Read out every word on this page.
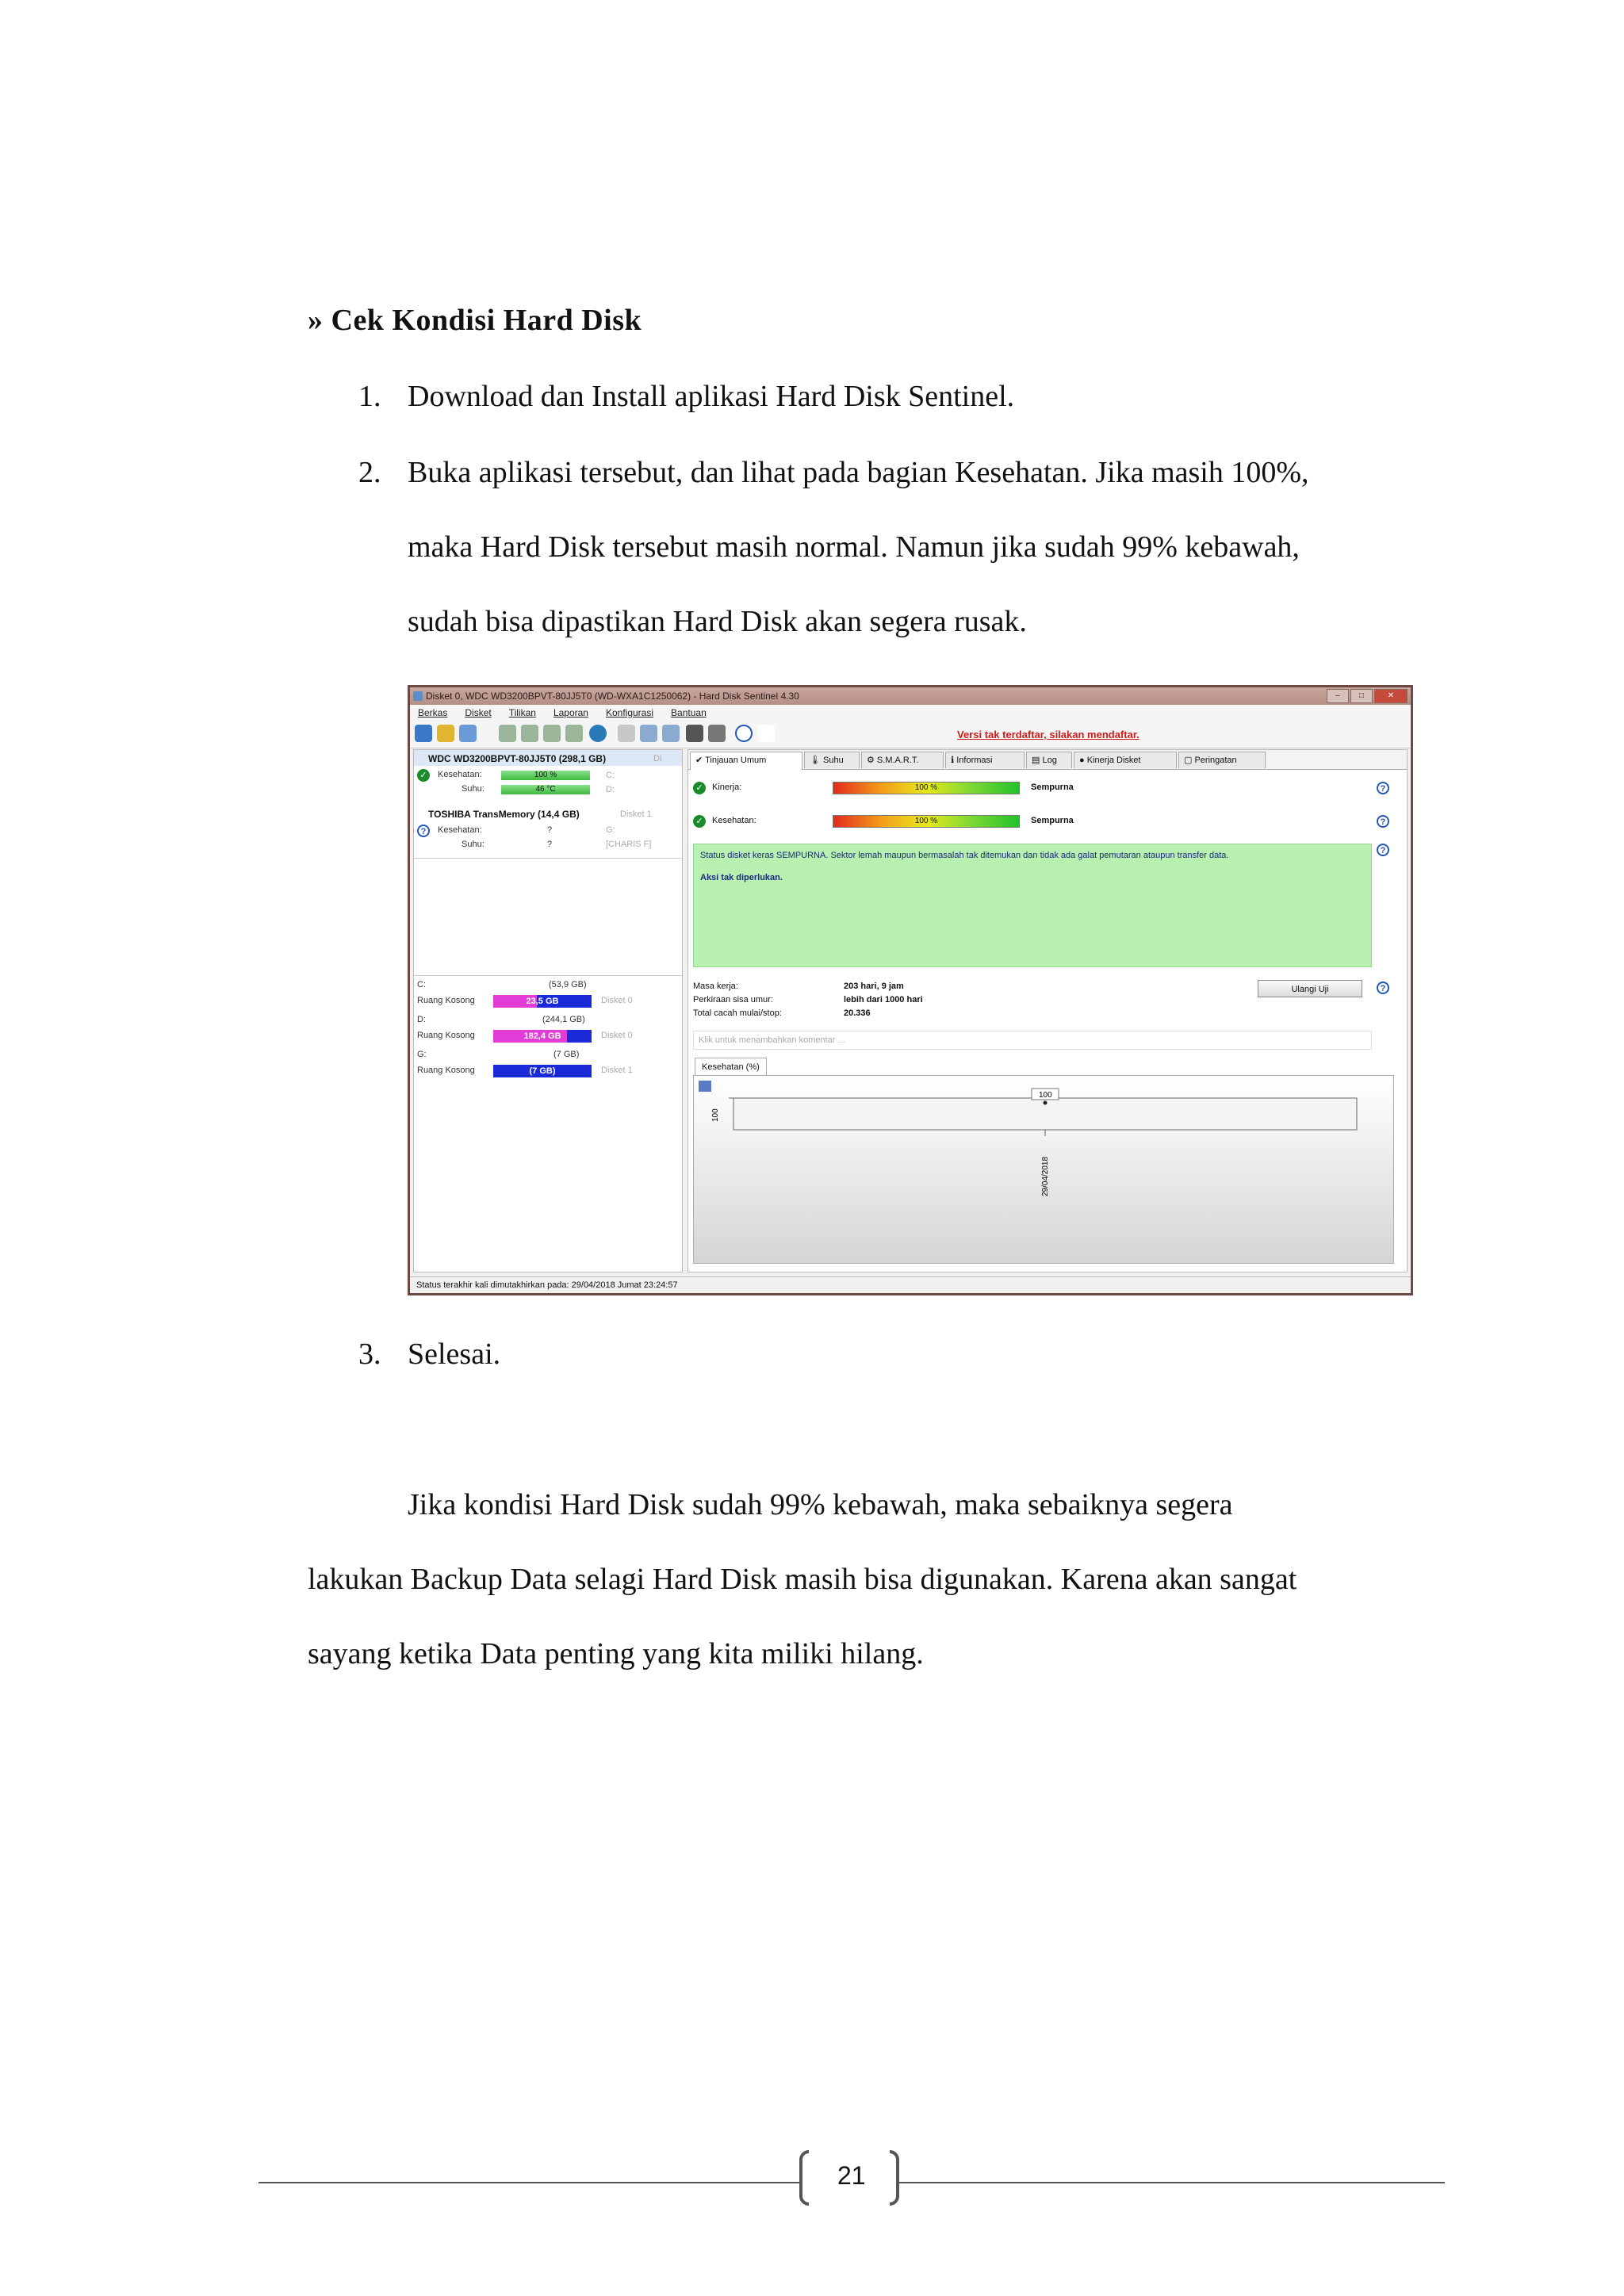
» Cek Kondisi Hard Disk
1. Download dan Install aplikasi Hard Disk Sentinel.
2. Buka aplikasi tersebut, dan lihat pada bagian Kesehatan. Jika masih 100%,
maka Hard Disk tersebut masih normal. Namun jika sudah 99% kebawah,
sudah bisa dipastikan Hard Disk akan segera rusak.
Disket 0, WDC WD3200BPVT-80JJ5T0 (WD-WXA1C1250062) - Hard Disk Sentinel 4.30	–	□	✕
Berkas Disket Tilikan Laporan Konfigurasi Bantuan
Versi tak terdaftar, silakan mendaftar.
WDC WD3200BPVT-80JJ5T0 (298,1 GB)	Di
✓	Kesehatan:	100 %	C:
Suhu:	46 °C	D:
TOSHIBA TransMemory (14,4 GB)	Disket 1
?	Kesehatan:	?	G:
Suhu:	?	[CHARIS F]
C:	(53,9 GB)
Ruang Kosong	23,5 GB	Disket 0
D:	(244,1 GB)
Ruang Kosong	182,4 GB	Disket 0
G:	(7 GB)
Ruang Kosong	(7 GB)	Disket 1
✔ Tinjauan Umum	🌡 Suhu	⚙ S.M.A.R.T.	ℹ Informasi	▤ Log	● Kinerja Disket	▢ Peringatan
✓	Kinerja:	100 %	Sempurna	?
✓	Kesehatan:	100 %	Sempurna	?
Status disket keras SEMPURNA. Sektor lemah maupun bermasalah tak ditemukan dan tidak ada galat pemutaran ataupun transfer data.
Aksi tak diperlukan.
?
Masa kerja:	203 hari, 9 jam
Perkiraan sisa umur:	lebih dari 1000 hari
Total cacah mulai/stop:	20.336
Ulangi Uji	?
Klik untuk menambahkan komentar ...
Kesehatan (%)
100
100
29/04/2018
Status terakhir kali dimutakhirkan pada: 29/04/2018 Jumat 23:24:57
3. Selesai.
Jika kondisi Hard Disk sudah 99% kebawah, maka sebaiknya segera
lakukan Backup Data selagi Hard Disk masih bisa digunakan. Karena akan sangat
sayang ketika Data penting yang kita miliki hilang.
21
